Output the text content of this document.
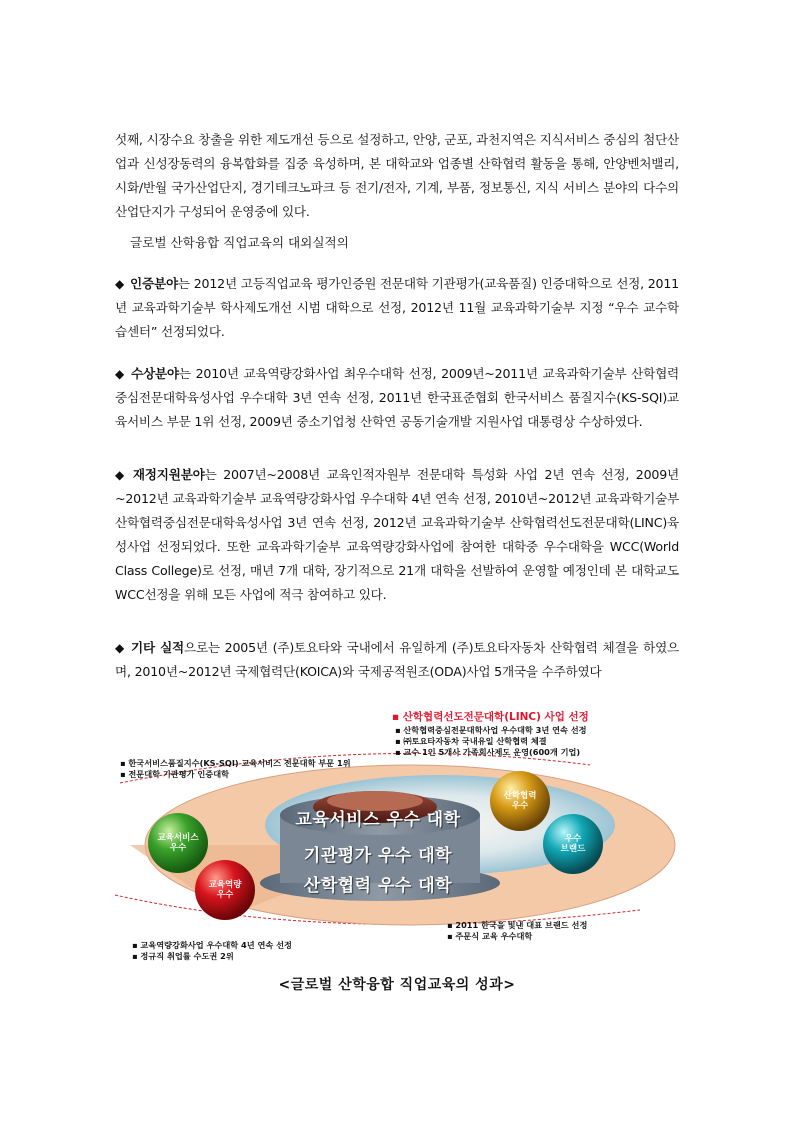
섯째, 시장수요 창출을 위한 제도개선 등으로 설정하고, 안양, 군포, 과천지역은 지식서비스 중심의 첨단산업과 신성장동력의 융복합화를 집중 육성하며, 본 대학교와 업종별 산학협력 활동을 통해, 안양벤처밸리, 시화/반월 국가산업단지, 경기테크노파크 등 전기/전자, 기계, 부품, 정보통신, 지식 서비스 분야의 다수의 산업단지가 구성되어 운영중에 있다.

글로벌 산학융합 직업교육의 대외실적의

◆ 인증분야는 2012년 고등직업교육 평가인증원 전문대학 기관평가(교육품질) 인증대학으로 선정, 2011년 교육과학기술부 학사제도개선 시범 대학으로 선정, 2012년 11월 교육과학기술부 지정 “우수 교수학습센터” 선정되었다.

◆ 수상분야는 2010년 교육역량강화사업 최우수대학 선정, 2009년~2011년 교육과학기술부 산학협력중심전문대학육성사업 우수대학 3년 연속 선정, 2011년 한국표준협회 한국서비스 품질지수(KS-SQI)교육서비스 부문 1위 선정, 2009년 중소기업청 산학연 공동기술개발 지원사업 대통령상 수상하였다.

◆ 재정지원분야는 2007년~2008년 교육인적자원부 전문대학 특성화 사업 2년 연속 선정, 2009년~2012년 교육과학기술부 교육역량강화사업 우수대학 4년 연속 선정, 2010년~2012년 교육과학기술부 산학협력중심전문대학육성사업 3년 연속 선정, 2012년 교육과학기술부 산학협력선도전문대학(LINC)육성사업 선정되었다. 또한 교육과학기술부 교육역량강화사업에 참여한 대학중 우수대학을 WCC(World Class College)로 선정, 매년 7개 대학, 장기적으로 21개 대학을 선발하여 운영할 예정인데 본 대학교도 WCC선정을 위해 모든 사업에 적극 참여하고 있다.

◆ 기타 실적으로는 2005년 (주)토요타와 국내에서 유일하게 (주)토요타자동차 산학협력 체결을 하였으며, 2010년~2012년 국제협력단(KOICA)와 국제공적원조(ODA)사업 5개국을 수주하였다

▪ 산학협력선도전문대학(LINC) 사업 선정
▪ 산학협력중심전문대학사업 우수대학 3년 연속 선정
▪ ㈜토요타자동차 국내유일 산학협력 체결
▪ 교수 1인 5개사 가족회사제도 운영(600개 기업)
▪ 한국서비스품질지수(KS-SQI) 교육서비스 전문대학 부문 1위
▪ 전문대학 기관평가 인증대학
▪ 교육역량강화사업 우수대학 4년 연속 선정
▪ 정규직 취업률 수도권 2위
▪ 2011 한국을 빛낸 대표 브랜드 선정
▪ 주문식 교육 우수대학
교육서비스
우수
교육역량
우수
산학협력
우수
우수
브랜드
교육서비스 우수 대학
기관평가 우수 대학
산학협력 우수 대학
<글로벌 산학융합 직업교육의 성과>
